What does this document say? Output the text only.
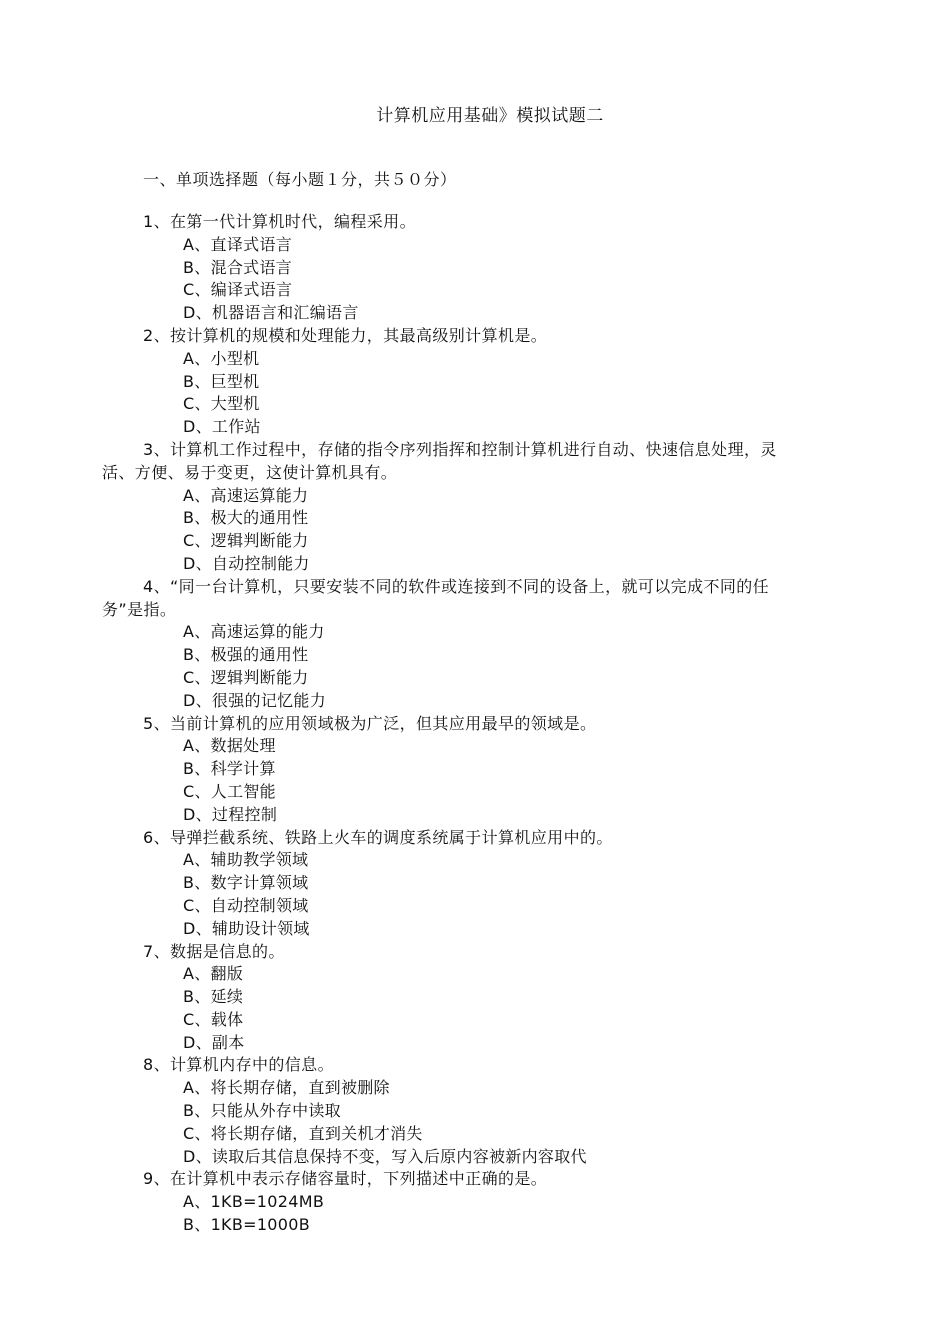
计算机应用基础》模拟试题二
一、单项选择题（每小题１分，共５０分）

1、在第一代计算机时代，编程采用。

A、直译式语言
B、混合式语言
C、编译式语言
D、机器语言和汇编语言

2、按计算机的规模和处理能力，其最高级别计算机是。

A、小型机
B、巨型机
C、大型机
D、工作站

3、计算机工作过程中，存储的指令序列指挥和控制计算机进行自动、快速信息处理，灵活、方便、易于变更，这使计算机具有。

A、高速运算能力
B、极大的通用性
C、逻辑判断能力
D、自动控制能力

4、“同一台计算机，只要安装不同的软件或连接到不同的设备上，就可以完成不同的任务”是指。

A、高速运算的能力
B、极强的通用性
C、逻辑判断能力
D、很强的记忆能力

5、当前计算机的应用领域极为广泛，但其应用最早的领域是。

A、数据处理
B、科学计算
C、人工智能
D、过程控制

6、导弹拦截系统、铁路上火车的调度系统属于计算机应用中的。

A、辅助教学领域
B、数字计算领域
C、自动控制领域
D、辅助设计领域

7、数据是信息的。

A、翻版
B、延续
C、载体
D、副本

8、计算机内存中的信息。

A、将长期存储，直到被删除
B、只能从外存中读取
C、将长期存储，直到关机才消失
D、读取后其信息保持不变，写入后原内容被新内容取代

9、在计算机中表示存储容量时，下列描述中正确的是。

A、1KB=1024MB
B、1KB=1000B
